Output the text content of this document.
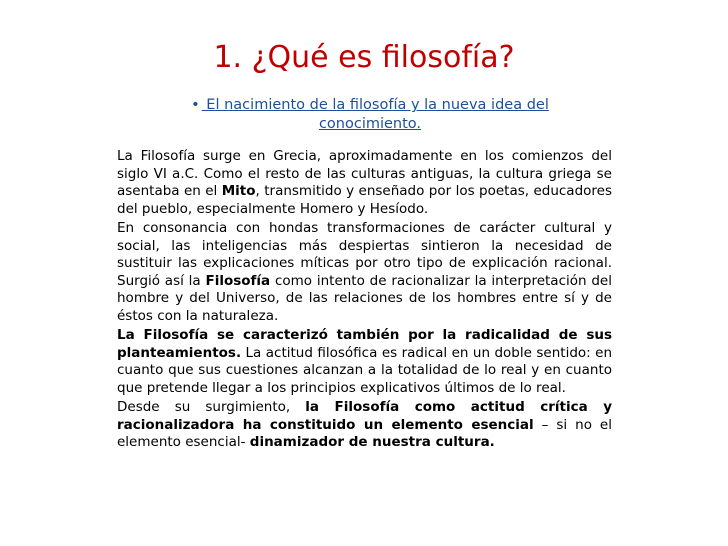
1. ¿Qué es filosofía?
• El nacimiento de la filosofía y la nueva idea del conocimiento.

La Filosofía surge en Grecia, aproximadamente en los comienzos del siglo VI a.C. Como el resto de las culturas antiguas, la cultura griega se asentaba en el Mito, transmitido y enseñado por los poetas, educadores del pueblo, especialmente Homero y Hesíodo.

En consonancia con hondas transformaciones de carácter cultural y social, las inteligencias más despiertas sintieron la necesidad de sustituir las explicaciones míticas por otro tipo de explicación racional. Surgió así la Filosofía como intento de racionalizar la interpretación del hombre y del Universo, de las relaciones de los hombres entre sí y de éstos con la naturaleza.

La Filosofía se caracterizó también por la radicalidad de sus planteamientos. La actitud filosófica es radical en un doble sentido: en cuanto que sus cuestiones alcanzan a la totalidad de lo real y en cuanto que pretende llegar a los principios explicativos últimos de lo real.

Desde su surgimiento, la Filosofía como actitud crítica y racionalizadora ha constituido un elemento esencial – si no el elemento esencial- dinamizador de nuestra cultura.
